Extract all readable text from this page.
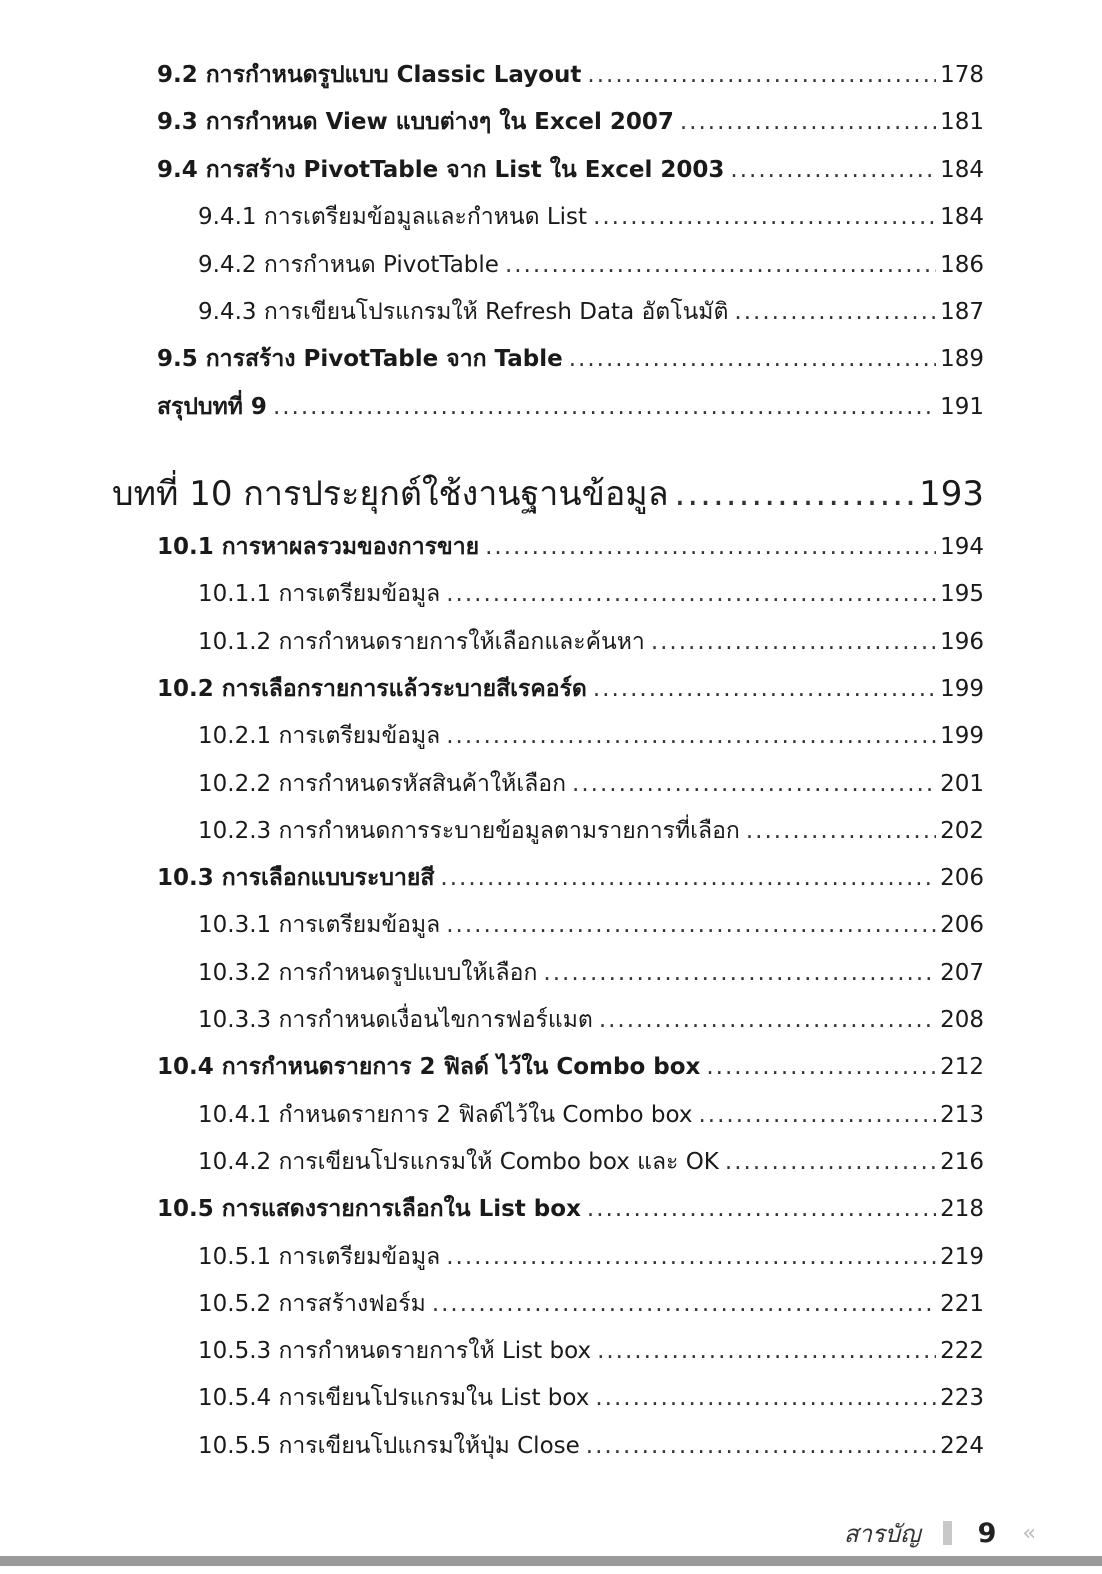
9.2 การกำหนดรูปแบบ Classic Layout .....	178
9.3 การกำหนด View แบบต่างๆ ใน Excel 2007 .....	181
9.4 การสร้าง PivotTable จาก List ใน Excel 2003 .....	184
9.4.1 การเตรียมข้อมูลและกำหนด List .....	184
9.4.2 การกำหนด PivotTable .....	186
9.4.3 การเขียนโปรแกรมให้ Refresh Data อัตโนมัติ .....	187
9.5 การสร้าง PivotTable จาก Table .....	189
สรุปบทที่ 9 .....	191
บทที่ 10 การประยุกต์ใช้งานฐานข้อมูล .....	193
10.1 การหาผลรวมของการขาย .....	194
10.1.1 การเตรียมข้อมูล .....	195
10.1.2 การกำหนดรายการให้เลือกและค้นหา .....	196
10.2 การเลือกรายการแล้วระบายสีเรคอร์ด .....	199
10.2.1 การเตรียมข้อมูล .....	199
10.2.2 การกำหนดรหัสสินค้าให้เลือก .....	201
10.2.3 การกำหนดการระบายข้อมูลตามรายการที่เลือก .....	202
10.3 การเลือกแบบระบายสี .....	206
10.3.1 การเตรียมข้อมูล .....	206
10.3.2 การกำหนดรูปแบบให้เลือก .....	207
10.3.3 การกำหนดเงื่อนไขการฟอร์แมต .....	208
10.4 การกำหนดรายการ 2 ฟิลด์ ไว้ใน Combo box .....	212
10.4.1 กำหนดรายการ 2 ฟิลด์ไว้ใน Combo box .....	213
10.4.2 การเขียนโปรแกรมให้ Combo box และ OK .....	216
10.5 การแสดงรายการเลือกใน List box .....	218
10.5.1 การเตรียมข้อมูล .....	219
10.5.2 การสร้างฟอร์ม .....	221
10.5.3 การกำหนดรายการให้ List box .....	222
10.5.4 การเขียนโปรแกรมใน List box .....	223
10.5.5 การเขียนโปแกรมให้ปุ่ม Close .....	224
สารบัญ 9 ‹‹
